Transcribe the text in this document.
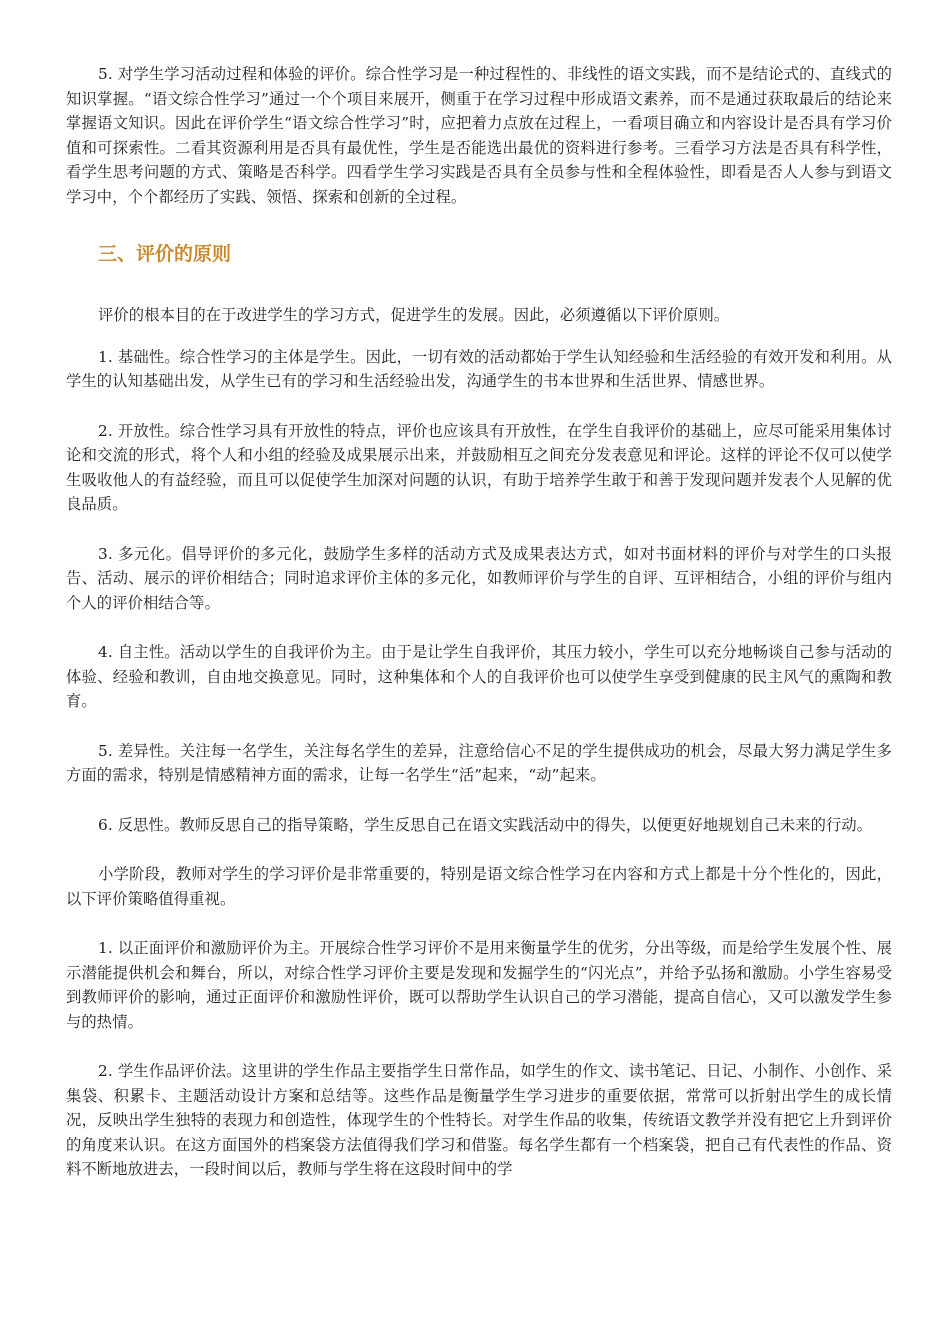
5. 对学生学习活动过程和体验的评价。综合性学习是一种过程性的、非线性的语文实践，而不是结论式的、直线式的知识掌握。“语文综合性学习”通过一个个项目来展开，侧重于在学习过程中形成语文素养，而不是通过获取最后的结论来掌握语文知识。因此在评价学生“语文综合性学习”时，应把着力点放在过程上，一看项目确立和内容设计是否具有学习价值和可探索性。二看其资源利用是否具有最优性，学生是否能选出最优的资料进行参考。三看学习方法是否具有科学性，看学生思考问题的方式、策略是否科学。四看学生学习实践是否具有全员参与性和全程体验性，即看是否人人参与到语文学习中，个个都经历了实践、领悟、探索和创新的全过程。

三、评价的原则

评价的根本目的在于改进学生的学习方式，促进学生的发展。因此，必须遵循以下评价原则。

1. 基础性。综合性学习的主体是学生。因此，一切有效的活动都始于学生认知经验和生活经验的有效开发和利用。从学生的认知基础出发，从学生已有的学习和生活经验出发，沟通学生的书本世界和生活世界、情感世界。

2. 开放性。综合性学习具有开放性的特点，评价也应该具有开放性，在学生自我评价的基础上，应尽可能采用集体讨论和交流的形式，将个人和小组的经验及成果展示出来，并鼓励相互之间充分发表意见和评论。这样的评论不仅可以使学生吸收他人的有益经验，而且可以促使学生加深对问题的认识，有助于培养学生敢于和善于发现问题并发表个人见解的优良品质。

3. 多元化。倡导评价的多元化，鼓励学生多样的活动方式及成果表达方式，如对书面材料的评价与对学生的口头报告、活动、展示的评价相结合；同时追求评价主体的多元化，如教师评价与学生的自评、互评相结合，小组的评价与组内个人的评价相结合等。

4. 自主性。活动以学生的自我评价为主。由于是让学生自我评价，其压力较小，学生可以充分地畅谈自己参与活动的体验、经验和教训，自由地交换意见。同时，这种集体和个人的自我评价也可以使学生享受到健康的民主风气的熏陶和教育。

5. 差异性。关注每一名学生，关注每名学生的差异，注意给信心不足的学生提供成功的机会，尽最大努力满足学生多方面的需求，特别是情感精神方面的需求，让每一名学生“活”起来，“动”起来。

6. 反思性。教师反思自己的指导策略，学生反思自己在语文实践活动中的得失，以便更好地规划自己未来的行动。

小学阶段，教师对学生的学习评价是非常重要的，特别是语文综合性学习在内容和方式上都是十分个性化的，因此，以下评价策略值得重视。

1. 以正面评价和激励评价为主。开展综合性学习评价不是用来衡量学生的优劣，分出等级，而是给学生发展个性、展示潜能提供机会和舞台，所以，对综合性学习评价主要是发现和发掘学生的“闪光点”，并给予弘扬和激励。小学生容易受到教师评价的影响，通过正面评价和激励性评价，既可以帮助学生认识自己的学习潜能，提高自信心，又可以激发学生参与的热情。

2. 学生作品评价法。这里讲的学生作品主要指学生日常作品，如学生的作文、读书笔记、日记、小制作、小创作、采集袋、积累卡、主题活动设计方案和总结等。这些作品是衡量学生学习进步的重要依据，常常可以折射出学生的成长情况，反映出学生独特的表现力和创造性，体现学生的个性特长。对学生作品的收集，传统语文教学并没有把它上升到评价的角度来认识。在这方面国外的档案袋方法值得我们学习和借鉴。每名学生都有一个档案袋，把自己有代表性的作品、资料不断地放进去，一段时间以后，教师与学生将在这段时间中的学
